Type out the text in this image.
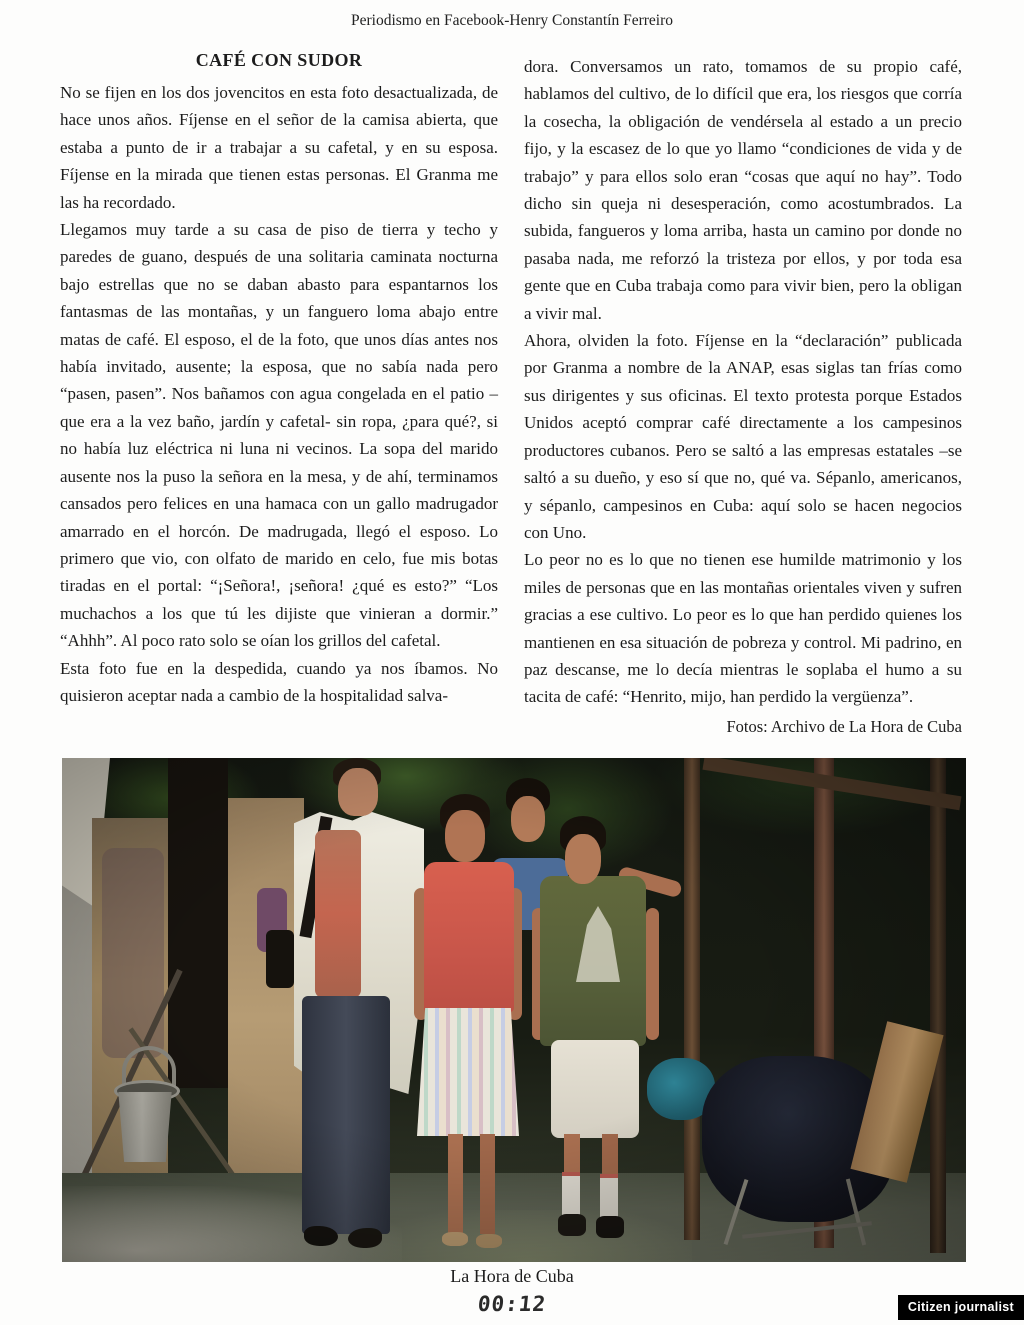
Periodismo en Facebook-Henry Constantín Ferreiro
CAFÉ CON SUDOR

No se fijen en los dos jovencitos en esta foto desactualizada, de hace unos años. Fíjense en el señor de la camisa abierta, que estaba a punto de ir a trabajar a su cafetal, y en su esposa. Fíjense en la mirada que tienen estas personas. El Granma me las ha recordado.

Llegamos muy tarde a su casa de piso de tierra y techo y paredes de guano, después de una solitaria caminata nocturna bajo estrellas que no se daban abasto para espantarnos los fantasmas de las montañas, y un fanguero loma abajo entre matas de café. El esposo, el de la foto, que unos días antes nos había invitado, ausente; la esposa, que no sabía nada pero “pasen, pasen”. Nos bañamos con agua congelada en el patio –que era a la vez baño, jardín y cafetal- sin ropa, ¿para qué?, si no había luz eléctrica ni luna ni vecinos. La sopa del marido ausente nos la puso la señora en la mesa, y de ahí, terminamos cansados pero felices en una hamaca con un gallo madrugador amarrado en el horcón. De madrugada, llegó el esposo. Lo primero que vio, con olfato de marido en celo, fue mis botas tiradas en el portal: “¡Señora!, ¡señora! ¿qué es esto?” “Los muchachos a los que tú les dijiste que vinieran a dormir.” “Ahhh”. Al poco rato solo se oían los grillos del cafetal.

Esta foto fue en la despedida, cuando ya nos íbamos. No quisieron aceptar nada a cambio de la hospitalidad salva-

dora. Conversamos un rato, tomamos de su propio café, hablamos del cultivo, de lo difícil que era, los riesgos que corría la cosecha, la obligación de vendérsela al estado a un precio fijo, y la escasez de lo que yo llamo “condiciones de vida y de trabajo” y para ellos solo eran “cosas que aquí no hay”. Todo dicho sin queja ni desesperación, como acostumbrados. La subida, fangueros y loma arriba, hasta un camino por donde no pasaba nada, me reforzó la tristeza por ellos, y por toda esa gente que en Cuba trabaja como para vivir bien, pero la obligan a vivir mal.

Ahora, olviden la foto. Fíjense en la “declaración” publicada por Granma a nombre de la ANAP, esas siglas tan frías como sus dirigentes y sus oficinas. El texto protesta porque Estados Unidos aceptó comprar café directamente a los campesinos productores cubanos. Pero se saltó a las empresas estatales –se saltó a su dueño, y eso sí que no, qué va. Sépanlo, americanos, y sépanlo, campesinos en Cuba: aquí solo se hacen negocios con Uno.

Lo peor no es lo que no tienen ese humilde matrimonio y los miles de personas que en las montañas orientales viven y sufren gracias a ese cultivo. Lo peor es lo que han perdido quienes los mantienen en esa situación de pobreza y control. Mi padrino, en paz descanse, me lo decía mientras le soplaba el humo a su tacita de café: “Henrito, mijo, han perdido la vergüenza”.

Fotos: Archivo de La Hora de Cuba
La Hora de Cuba
00:12	Citizen journalist
